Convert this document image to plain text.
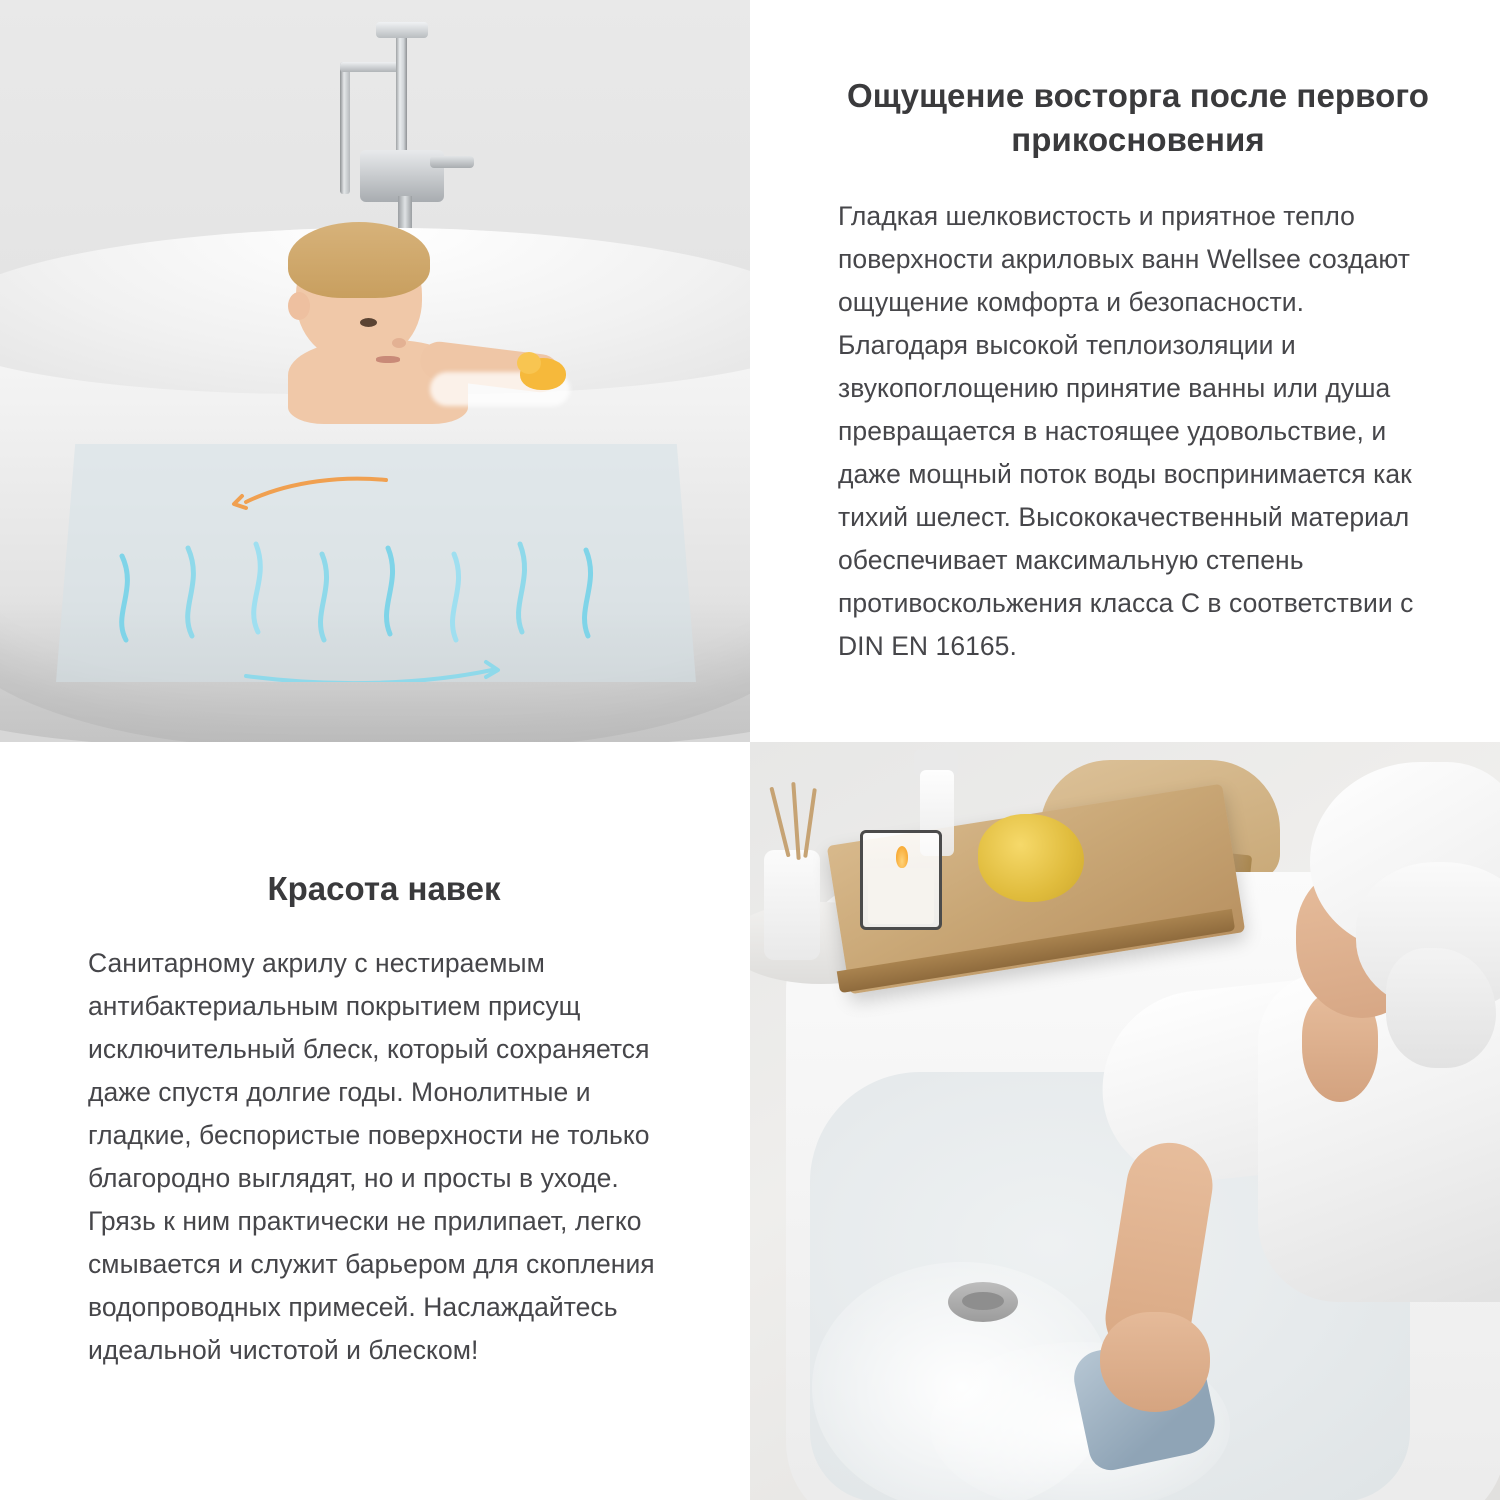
Ощущение восторга после первого прикосновения

Гладкая шелковистость и приятное тепло поверхности акриловых ванн Wellsee создают ощущение комфорта и безопасности. Благодаря высокой теплоизоляции и звукопоглощению принятие ванны или душа превращается в настоящее удовольствие, и даже мощный поток воды воспринимается как тихий шелест. Высококачественный материал обеспечивает максимальную степень противоскольжения класса C в соответствии с DIN EN 16165.

Красота навек

Санитарному акрилу с нестираемым антибактериальным покрытием присущ исключительный блеск, который сохраняется даже спустя долгие годы. Монолитные и гладкие, беспористые поверхности не только благородно выглядят, но и просты в уходе. Грязь к ним практически не прилипает, легко смывается и служит барьером для скопления водопроводных примесей. Наслаждайтесь идеальной чистотой и блеском!
